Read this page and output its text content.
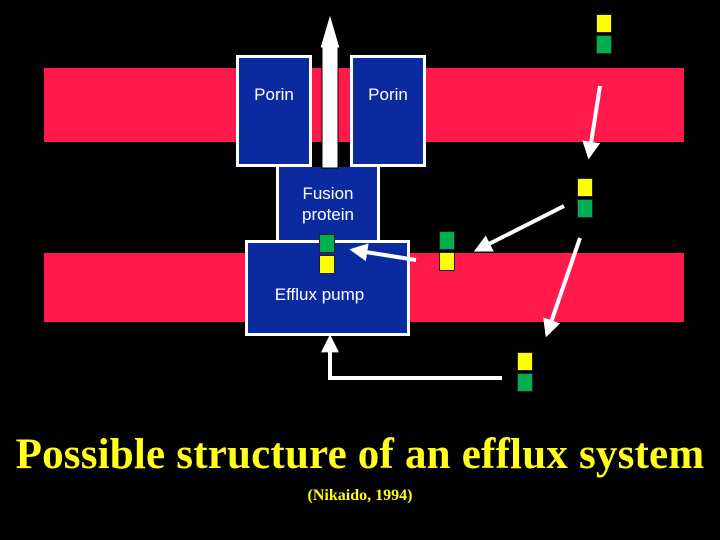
Porin	Porin
Fusion
protein
Efflux pump
Possible structure of an efflux system
(Nikaido, 1994)
